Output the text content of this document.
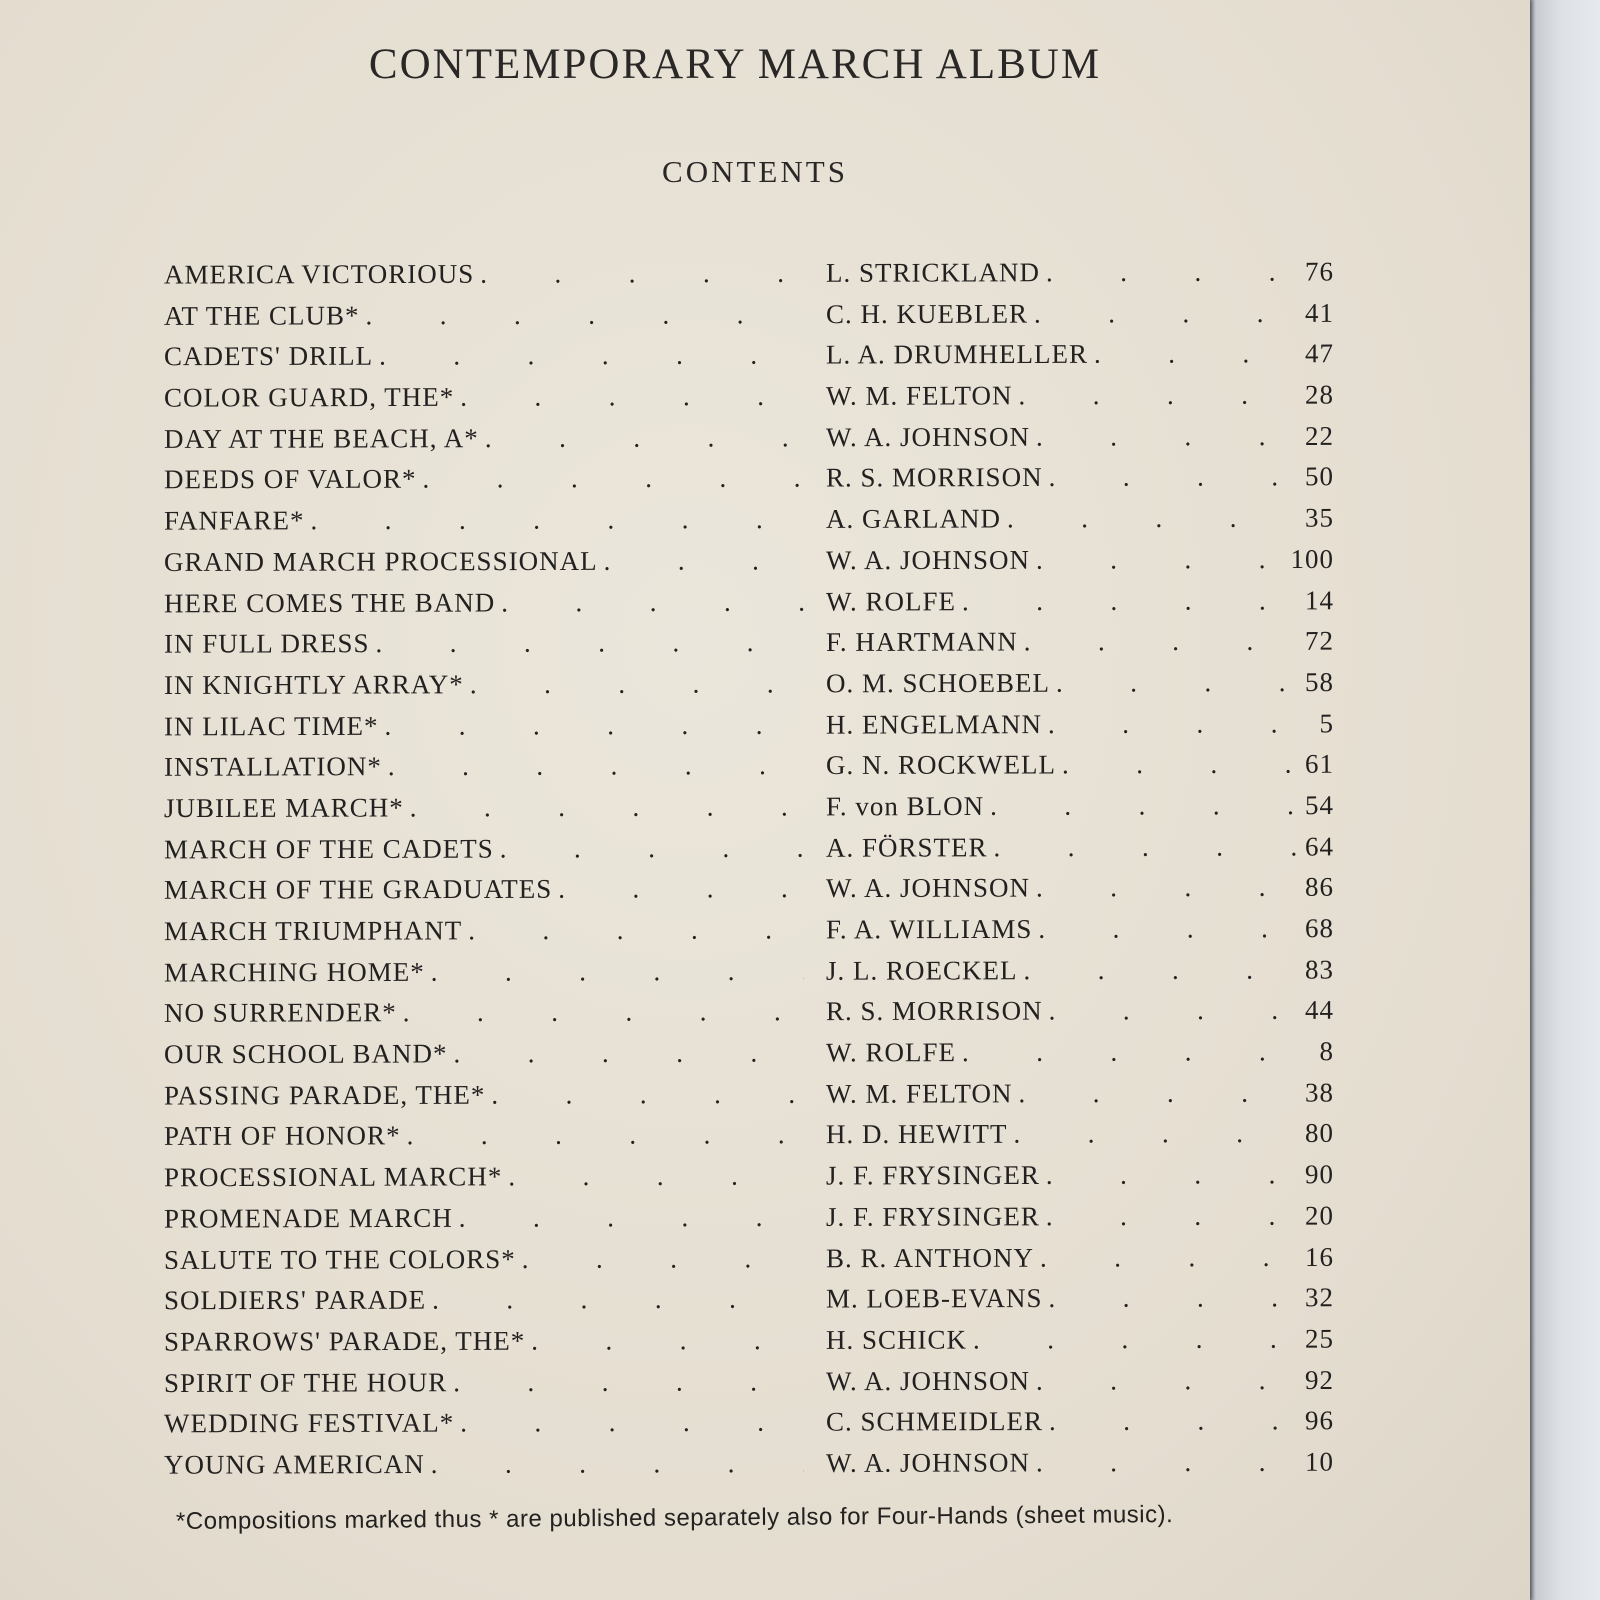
CONTEMPORARY MARCH ALBUM
CONTENTS
AMERICA VICTORIOUS .	L. STRICKLAND .	76
AT THE CLUB* .	C. H. KUEBLER .	41
CADETS' DRILL .	L. A. DRUMHELLER .	47
COLOR GUARD, THE* .	W. M. FELTON .	28
DAY AT THE BEACH, A* .	W. A. JOHNSON .	22
DEEDS OF VALOR* .	R. S. MORRISON .	50
FANFARE* .	A. GARLAND .	35
GRAND MARCH PROCESSIONAL .	W. A. JOHNSON .	100
HERE COMES THE BAND .	W. ROLFE .	14
IN FULL DRESS .	F. HARTMANN .	72
IN KNIGHTLY ARRAY* .	O. M. SCHOEBEL .	58
IN LILAC TIME* .	H. ENGELMANN .	5
INSTALLATION* .	G. N. ROCKWELL .	61
JUBILEE MARCH* .	F. von BLON .	54
MARCH OF THE CADETS .	A. FÖRSTER .	64
MARCH OF THE GRADUATES .	W. A. JOHNSON .	86
MARCH TRIUMPHANT .	F. A. WILLIAMS .	68
MARCHING HOME* .	J. L. ROECKEL .	83
NO SURRENDER* .	R. S. MORRISON .	44
OUR SCHOOL BAND* .	W. ROLFE .	8
PASSING PARADE, THE* .	W. M. FELTON .	38
PATH OF HONOR* .	H. D. HEWITT .	80
PROCESSIONAL MARCH* .	J. F. FRYSINGER .	90
PROMENADE MARCH .	J. F. FRYSINGER .	20
SALUTE TO THE COLORS* .	B. R. ANTHONY .	16
SOLDIERS' PARADE .	M. LOEB-EVANS .	32
SPARROWS' PARADE, THE* .	H. SCHICK .	25
SPIRIT OF THE HOUR .	W. A. JOHNSON .	92
WEDDING FESTIVAL* .	C. SCHMEIDLER .	96
YOUNG AMERICAN .	W. A. JOHNSON .	10
*Compositions marked thus * are published separately also for Four-Hands (sheet music).
